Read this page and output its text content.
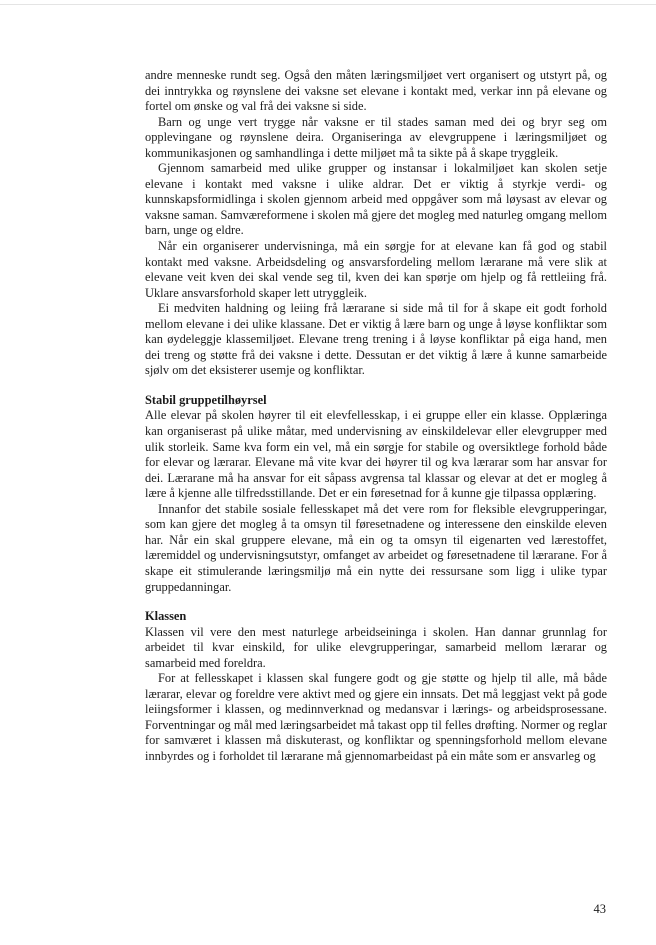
andre menneske rundt seg. Også den måten læringsmiljøet vert organisert og utstyrt på, og dei inntrykka og røynslene dei vaksne set elevane i kontakt med, verkar inn på elevane og fortel om ønske og val frå dei vaksne si side.

Barn og unge vert trygge når vaksne er til stades saman med dei og bryr seg om opplevingane og røynslene deira. Organiseringa av elevgruppene i læringsmiljøet og kommunikasjonen og samhandlinga i dette miljøet må ta sikte på å skape tryggleik.

Gjennom samarbeid med ulike grupper og instansar i lokalmiljøet kan skolen setje elevane i kontakt med vaksne i ulike aldrar. Det er viktig å styrkje verdi- og kunnskapsformidlinga i skolen gjennom arbeid med oppgåver som må løysast av elevar og vaksne saman. Samværeformene i skolen må gjere det mogleg med naturleg omgang mellom barn, unge og eldre.

Når ein organiserer undervisninga, må ein sørgje for at elevane kan få god og stabil kontakt med vaksne. Arbeidsdeling og ansvarsfordeling mellom lærarane må vere slik at elevane veit kven dei skal vende seg til, kven dei kan spørje om hjelp og få rettleiing frå. Uklare ansvarsforhold skaper lett utryggleik.

Ei medviten haldning og leiing frå lærarane si side må til for å skape eit godt forhold mellom elevane i dei ulike klassane. Det er viktig å lære barn og unge å løyse konfliktar som kan øydeleggje klassemiljøet. Elevane treng trening i å løyse konfliktar på eiga hand, men dei treng og støtte frå dei vaksne i dette. Dessutan er det viktig å lære å kunne samarbeide sjølv om det eksisterer usemje og konfliktar.

Stabil gruppetilhøyrsel

Alle elevar på skolen høyrer til eit elevfellesskap, i ei gruppe eller ein klasse. Opplæringa kan organiserast på ulike måtar, med undervisning av einskildelevar eller elevgrupper med ulik storleik. Same kva form ein vel, må ein sørgje for stabile og oversiktlege forhold både for elevar og lærarar. Elevane må vite kvar dei høyrer til og kva lærarar som har ansvar for dei. Lærarane må ha ansvar for eit såpass avgrensa tal klassar og elevar at det er mogleg å lære å kjenne alle tilfredsstillande. Det er ein føresetnad for å kunne gje tilpassa opplæring.

Innanfor det stabile sosiale fellesskapet må det vere rom for fleksible elevgrupperingar, som kan gjere det mogleg å ta omsyn til føresetnadene og interessene den einskilde eleven har. Når ein skal gruppere elevane, må ein og ta omsyn til eigenarten ved lærestoffet, læremiddel og undervisningsutstyr, omfanget av arbeidet og føresetnadene til lærarane. For å skape eit stimulerande læringsmiljø må ein nytte dei ressursane som ligg i ulike typar gruppedanningar.

Klassen

Klassen vil vere den mest naturlege arbeidseininga i skolen. Han dannar grunnlag for arbeidet til kvar einskild, for ulike elevgrupperingar, samarbeid mellom lærarar og samarbeid med foreldra.

For at fellesskapet i klassen skal fungere godt og gje støtte og hjelp til alle, må både lærarar, elevar og foreldre vere aktivt med og gjere ein innsats. Det må leggjast vekt på gode leiingsformer i klassen, og medinnverknad og medansvar i lærings- og arbeidsprosessane. Forventningar og mål med læringsarbeidet må takast opp til felles drøfting. Normer og reglar for samværet i klassen må diskuterast, og konfliktar og spenningsforhold mellom elevane innbyrdes og i forholdet til lærarane må gjennomarbeidast på ein måte som er ansvarleg og

43
